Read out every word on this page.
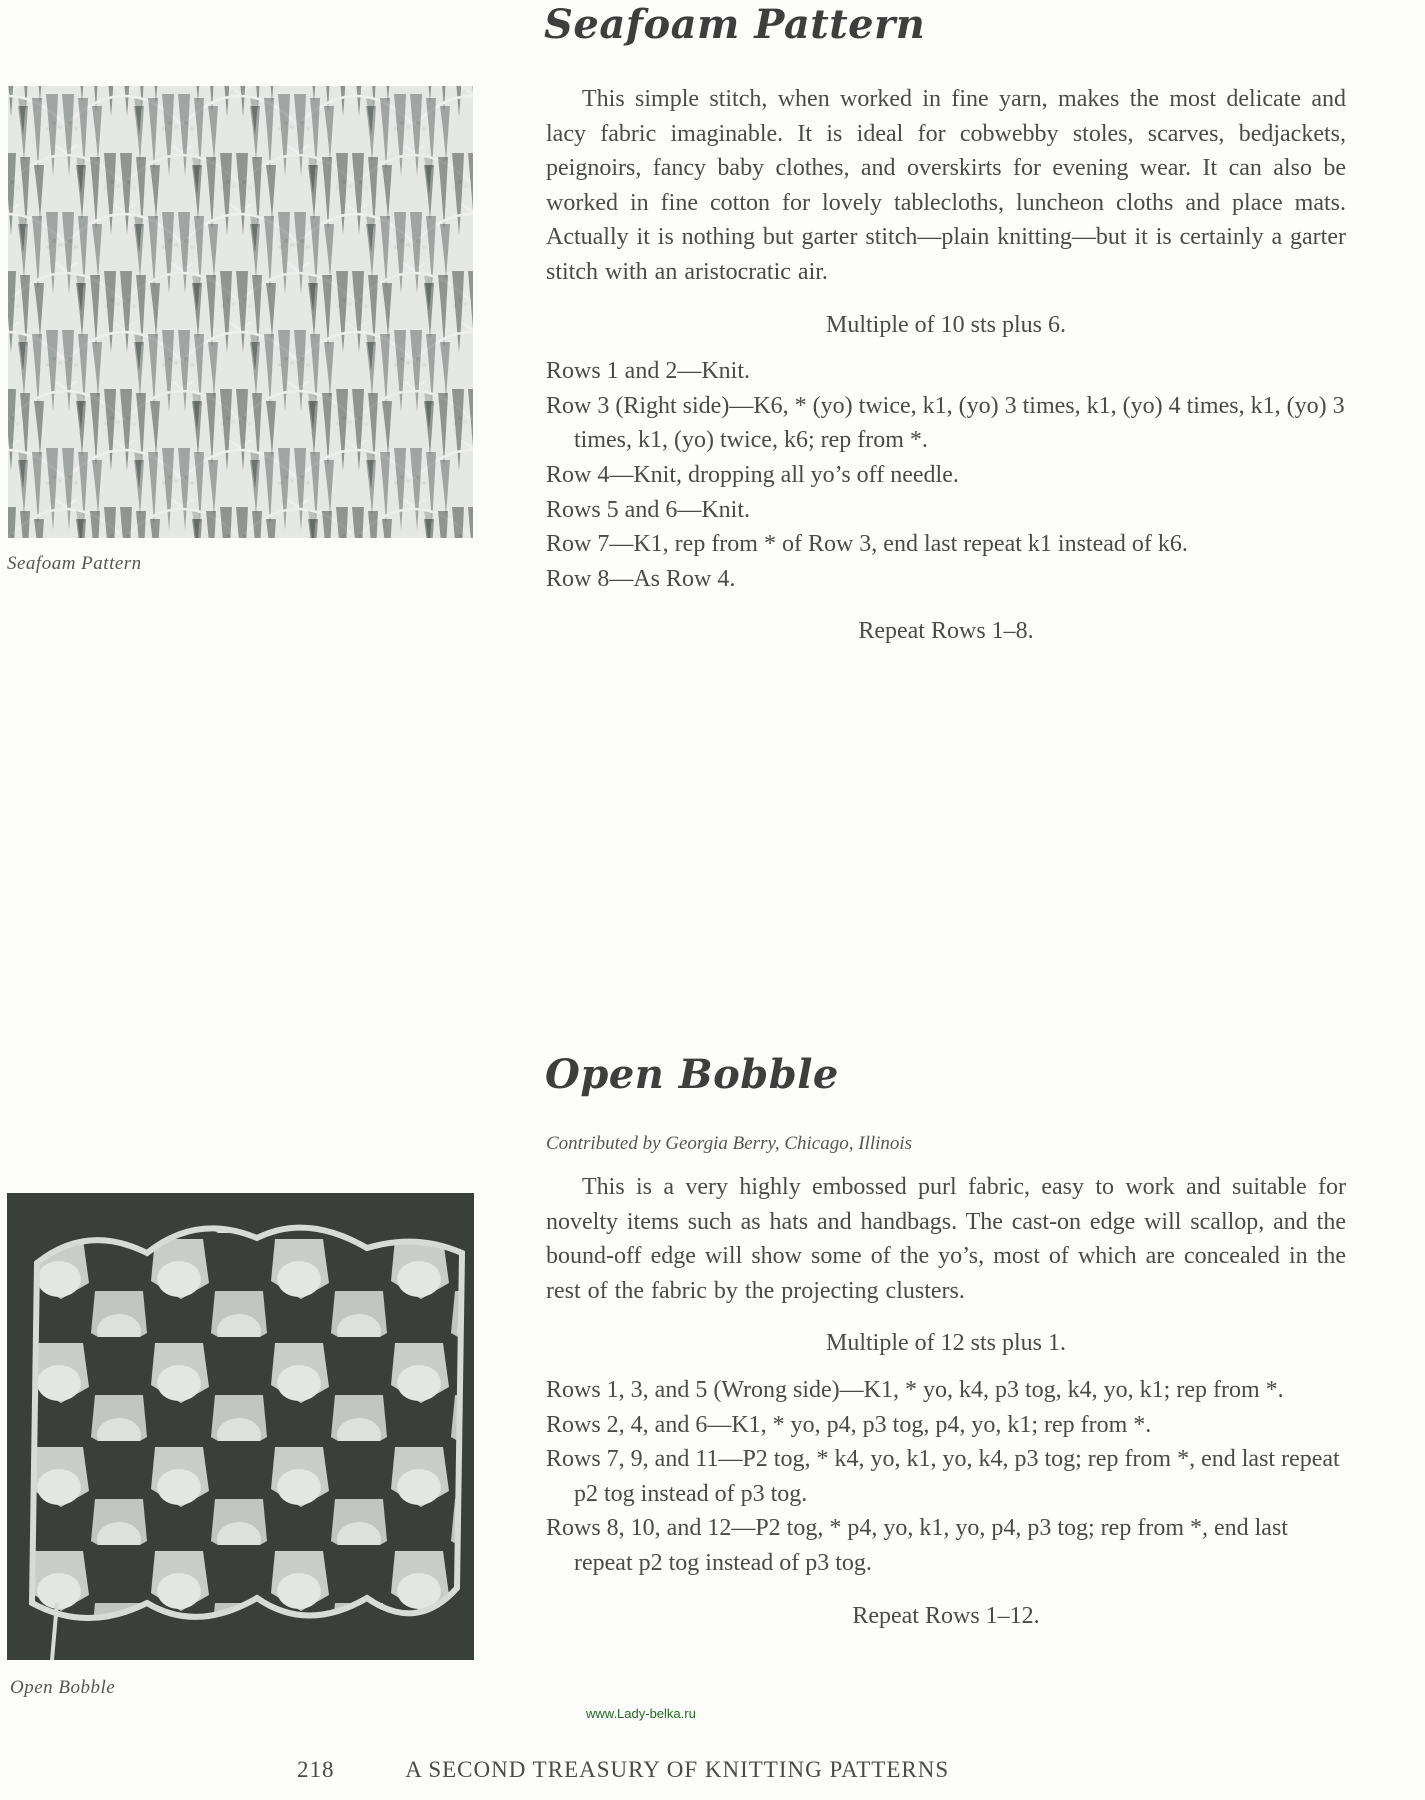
Seafoam Pattern
Seafoam Pattern

This simple stitch, when worked in fine yarn, makes the most delicate and lacy fabric imaginable. It is ideal for cobwebby stoles, scarves, bedjackets, peignoirs, fancy baby clothes, and overskirts for evening wear. It can also be worked in fine cotton for lovely tablecloths, luncheon cloths and place mats. Actually it is nothing but garter stitch—plain knitting—but it is certainly a garter stitch with an aristocratic air.

Multiple of 10 sts plus 6.

Rows 1 and 2—Knit.
Row 3 (Right side)—K6, * (yo) twice, k1, (yo) 3 times, k1, (yo) 4 times, k1, (yo) 3 times, k1, (yo) twice, k6; rep from *.
Row 4—Knit, dropping all yo’s off needle.
Rows 5 and 6—Knit.
Row 7—K1, rep from * of Row 3, end last repeat k1 instead of k6.
Row 8—As Row 4.

Repeat Rows 1–8.

Open Bobble
Contributed by Georgia Berry, Chicago, Illinois
Open Bobble

This is a very highly embossed purl fabric, easy to work and suitable for novelty items such as hats and handbags. The cast-on edge will scallop, and the bound-off edge will show some of the yo’s, most of which are concealed in the rest of the fabric by the projecting clusters.

Multiple of 12 sts plus 1.

Rows 1, 3, and 5 (Wrong side)—K1, * yo, k4, p3 tog, k4, yo, k1; rep from *.
Rows 2, 4, and 6—K1, * yo, p4, p3 tog, p4, yo, k1; rep from *.
Rows 7, 9, and 11—P2 tog, * k4, yo, k1, yo, k4, p3 tog; rep from *, end last repeat p2 tog instead of p3 tog.
Rows 8, 10, and 12—P2 tog, * p4, yo, k1, yo, p4, p3 tog; rep from *, end last repeat p2 tog instead of p3 tog.

Repeat Rows 1–12.

www.Lady-belka.ru
218	A SECOND TREASURY OF KNITTING PATTERNS
